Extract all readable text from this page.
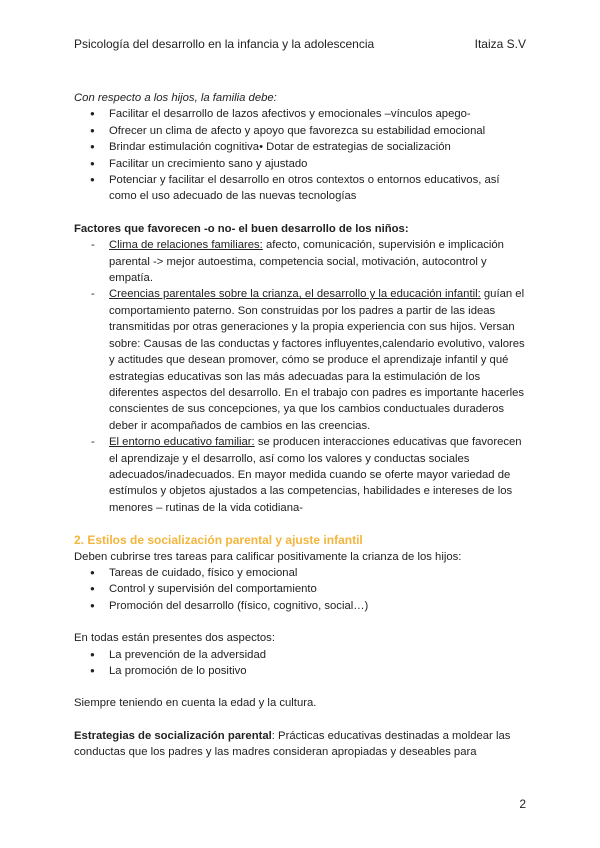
Psicología del desarrollo en la infancia y la adolescencia	Itaiza S.V

Con respecto a los hijos, la familia debe:

● Facilitar el desarrollo de lazos afectivos y emocionales –vínculos apego-
● Ofrecer un clima de afecto y apoyo que favorezca su estabilidad emocional
● Brindar estimulación cognitiva• Dotar de estrategias de socialización
● Facilitar un crecimiento sano y ajustado
● Potenciar y facilitar el desarrollo en otros contextos o entornos educativos, así como el uso adecuado de las nuevas tecnologías

Factores que favorecen -o no- el buen desarrollo de los niños:

- Clima de relaciones familiares: afecto, comunicación, supervisión e implicación parental -> mejor autoestima, competencia social, motivación, autocontrol y empatía.
- Creencias parentales sobre la crianza, el desarrollo y la educación infantil: guían el comportamiento paterno. Son construidas por los padres a partir de las ideas transmitidas por otras generaciones y la propia experiencia con sus hijos. Versan sobre: Causas de las conductas y factores influyentes,calendario evolutivo, valores y actitudes que desean promover, cómo se produce el aprendizaje infantil y qué estrategias educativas son las más adecuadas para la estimulación de los diferentes aspectos del desarrollo. En el trabajo con padres es importante hacerles conscientes de sus concepciones, ya que los cambios conductuales duraderos deber ir acompañados de cambios en las creencias.
- El entorno educativo familiar: se producen interacciones educativas que favorecen el aprendizaje y el desarrollo, así como los valores y conductas sociales adecuados/inadecuados. En mayor medida cuando se oferte mayor variedad de estímulos y objetos ajustados a las competencias, habilidades e intereses de los menores – rutinas de la vida cotidiana-

2. Estilos de socialización parental y ajuste infantil

Deben cubrirse tres tareas para calificar positivamente la crianza de los hijos:

● Tareas de cuidado, físico y emocional
● Control y supervisión del comportamiento
● Promoción del desarrollo (físico, cognitivo, social…)

En todas están presentes dos aspectos:

● La prevención de la adversidad
● La promoción de lo positivo

Siempre teniendo en cuenta la edad y la cultura.

Estrategias de socialización parental: Prácticas educativas destinadas a moldear las conductas que los padres y las madres consideran apropiadas y deseables para

2
